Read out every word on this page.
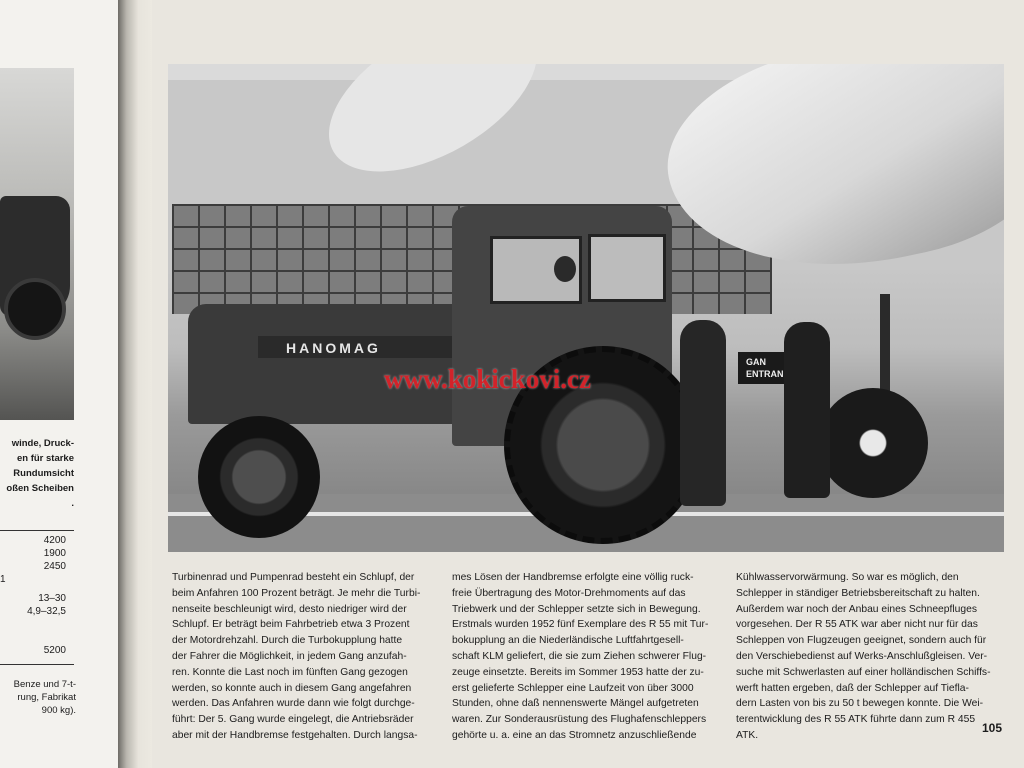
winde, Druck-
en für starke
Rundumsicht
oßen Scheiben
.
4200
1900
2450
1
13–30
4,9–32,5
5200
Benze und 7-t-
rung, Fabrikat
900 kg).
GAN
ENTRAN
HANOMAG
www.kokickovi.cz
Turbinenrad und Pumpenrad besteht ein Schlupf, der
beim Anfahren 100 Prozent beträgt. Je mehr die Turbi-
nenseite beschleunigt wird, desto niedriger wird der
Schlupf. Er beträgt beim Fahrbetrieb etwa 3 Prozent
der Motordrehzahl. Durch die Turbokupplung hatte
der Fahrer die Möglichkeit, in jedem Gang anzufah-
ren. Konnte die Last noch im fünften Gang gezogen
werden, so konnte auch in diesem Gang angefahren
werden. Das Anfahren wurde dann wie folgt durchge-
führt: Der 5. Gang wurde eingelegt, die Antriebsräder
aber mit der Handbremse festgehalten. Durch langsa-
mes Lösen der Handbremse erfolgte eine völlig ruck-
freie Übertragung des Motor-Drehmoments auf das
Triebwerk und der Schlepper setzte sich in Bewegung.
Erstmals wurden 1952 fünf Exemplare des R 55 mit Tur-
bokupplung an die Niederländische Luftfahrtgesell-
schaft KLM geliefert, die sie zum Ziehen schwerer Flug-
zeuge einsetzte. Bereits im Sommer 1953 hatte der zu-
erst gelieferte Schlepper eine Laufzeit von über 3000
Stunden, ohne daß nennenswerte Mängel aufgetreten
waren. Zur Sonderausrüstung des Flughafenschleppers
gehörte u. a. eine an das Stromnetz anzuschließende
Kühlwasservorwärmung. So war es möglich, den
Schlepper in ständiger Betriebsbereitschaft zu halten.
Außerdem war noch der Anbau eines Schneepfluges
vorgesehen. Der R 55 ATK war aber nicht nur für das
Schleppen von Flugzeugen geeignet, sondern auch für
den Verschiebedienst auf Werks-Anschlußgleisen. Ver-
suche mit Schwerlasten auf einer holländischen Schiffs-
werft hatten ergeben, daß der Schlepper auf Tiefla-
dern Lasten von bis zu 50 t bewegen konnte. Die Wei-
terentwicklung des R 55 ATK führte dann zum R 455
ATK.
105
